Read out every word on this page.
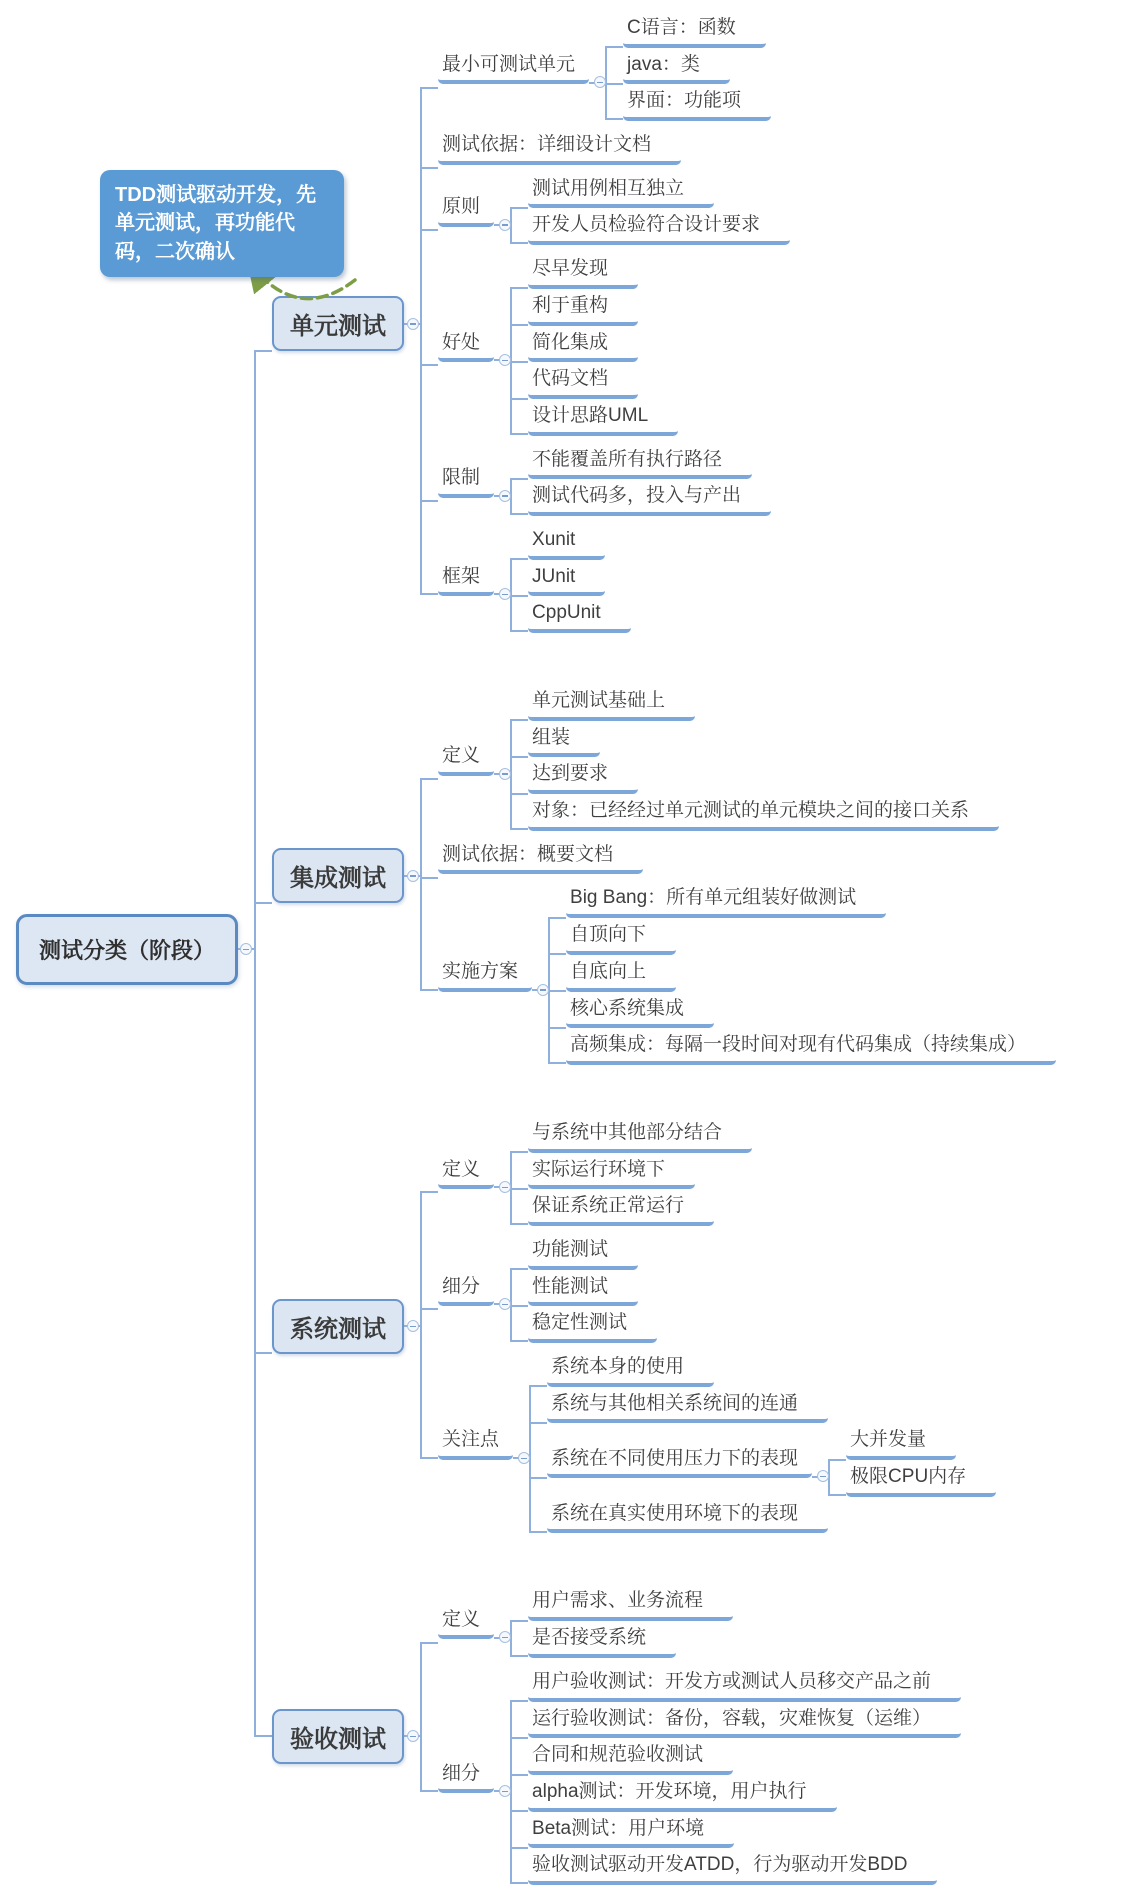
测试分类（阶段）
单元测试
最小可测试单元
C语言：函数
java：类
界面：功能项
测试依据：详细设计文档
原则
测试用例相互独立
开发人员检验符合设计要求
好处
尽早发现
利于重构
简化集成
代码文档
设计思路UML
限制
不能覆盖所有执行路径
测试代码多，投入与产出
框架
Xunit
JUnit
CppUnit
集成测试
定义
单元测试基础上
组装
达到要求
对象：已经经过单元测试的单元模块之间的接口关系
测试依据：概要文档
实施方案
Big Bang：所有单元组装好做测试
自顶向下
自底向上
核心系统集成
高频集成：每隔一段时间对现有代码集成（持续集成）
系统测试
定义
与系统中其他部分结合
实际运行环境下
保证系统正常运行
细分
功能测试
性能测试
稳定性测试
关注点
系统本身的使用
系统与其他相关系统间的连通
系统在不同使用压力下的表现
大并发量
极限CPU内存
系统在真实使用环境下的表现
验收测试
定义
用户需求、业务流程
是否接受系统
细分
用户验收测试：开发方或测试人员移交产品之前
运行验收测试：备份，容载，灾难恢复（运维）
合同和规范验收测试
alpha测试：开发环境，用户执行
Beta测试：用户环境
验收测试驱动开发ATDD，行为驱动开发BDD
TDD测试驱动开发，先单元测试，再功能代码，二次确认
